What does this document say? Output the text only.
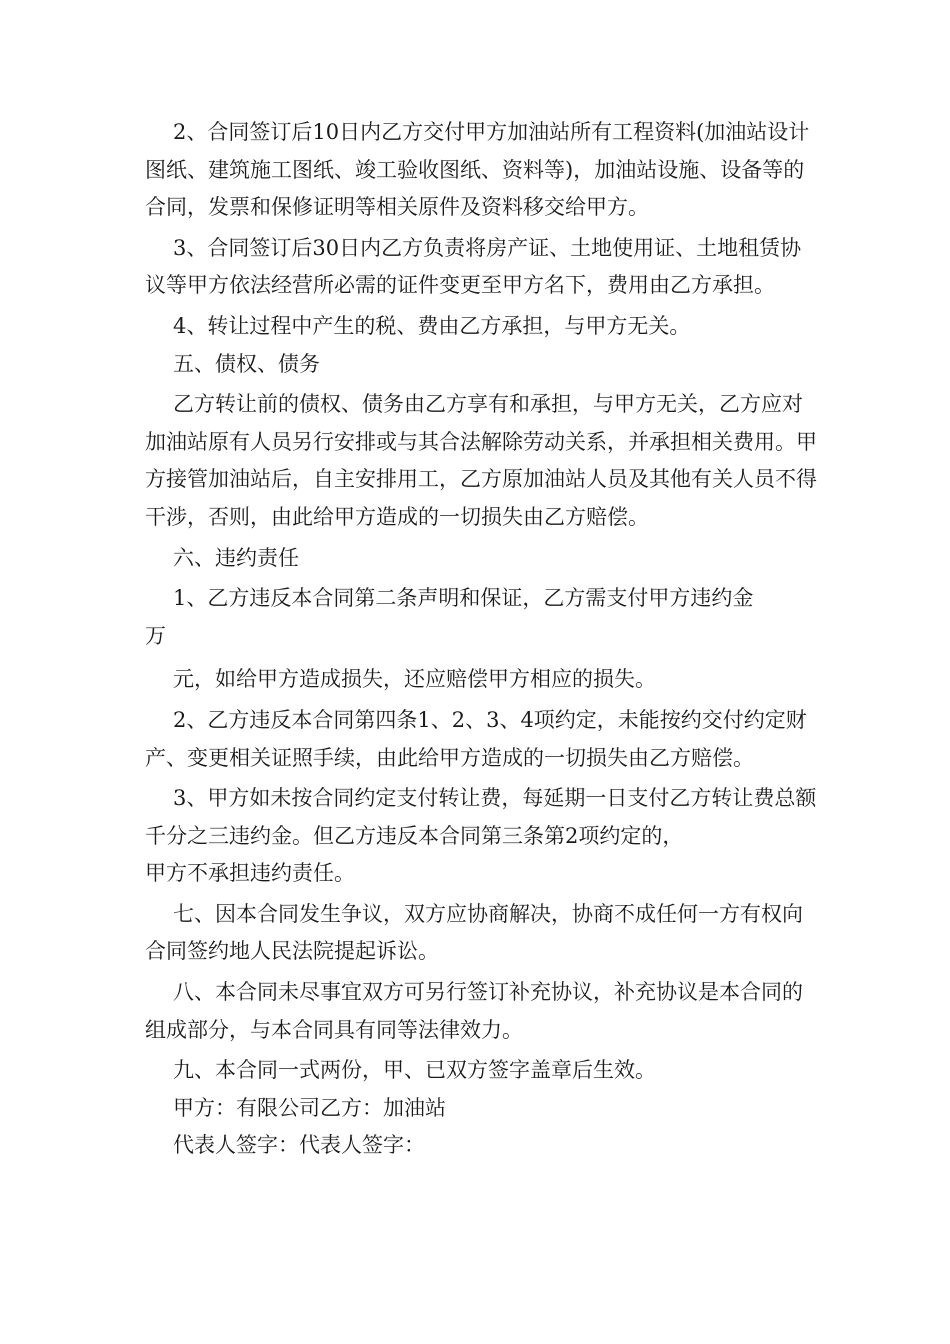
2、合同签订后10日内乙方交付甲方加油站所有工程资料(加油站设计图纸、建筑施工图纸、竣工验收图纸、资料等)，加油站设施、设备等的合同，发票和保修证明等相关原件及资料移交给甲方。

3、合同签订后30日内乙方负责将房产证、土地使用证、土地租赁协议等甲方依法经营所必需的证件变更至甲方名下，费用由乙方承担。

4、转让过程中产生的税、费由乙方承担，与甲方无关。

五、债权、债务

乙方转让前的债权、债务由乙方享有和承担，与甲方无关，乙方应对加油站原有人员另行安排或与其合法解除劳动关系，并承担相关费用。甲方接管加油站后，自主安排用工，乙方原加油站人员及其他有关人员不得干涉，否则，由此给甲方造成的一切损失由乙方赔偿。

六、违约责任

1、乙方违反本合同第二条声明和保证，乙方需支付甲方违约金
万

元，如给甲方造成损失，还应赔偿甲方相应的损失。

2、乙方违反本合同第四条1、2、3、4项约定，未能按约交付约定财产、变更相关证照手续，由此给甲方造成的一切损失由乙方赔偿。

3、甲方如未按合同约定支付转让费，每延期一日支付乙方转让费总额千分之三违约金。但乙方违反本合同第三条第2项约定的，
甲方不承担违约责任。

七、因本合同发生争议，双方应协商解决，协商不成任何一方有权向合同签约地人民法院提起诉讼。

八、本合同未尽事宜双方可另行签订补充协议，补充协议是本合同的组成部分，与本合同具有同等法律效力。

九、本合同一式两份，甲、已双方签字盖章后生效。

甲方：有限公司乙方：加油站

代表人签字：代表人签字：
